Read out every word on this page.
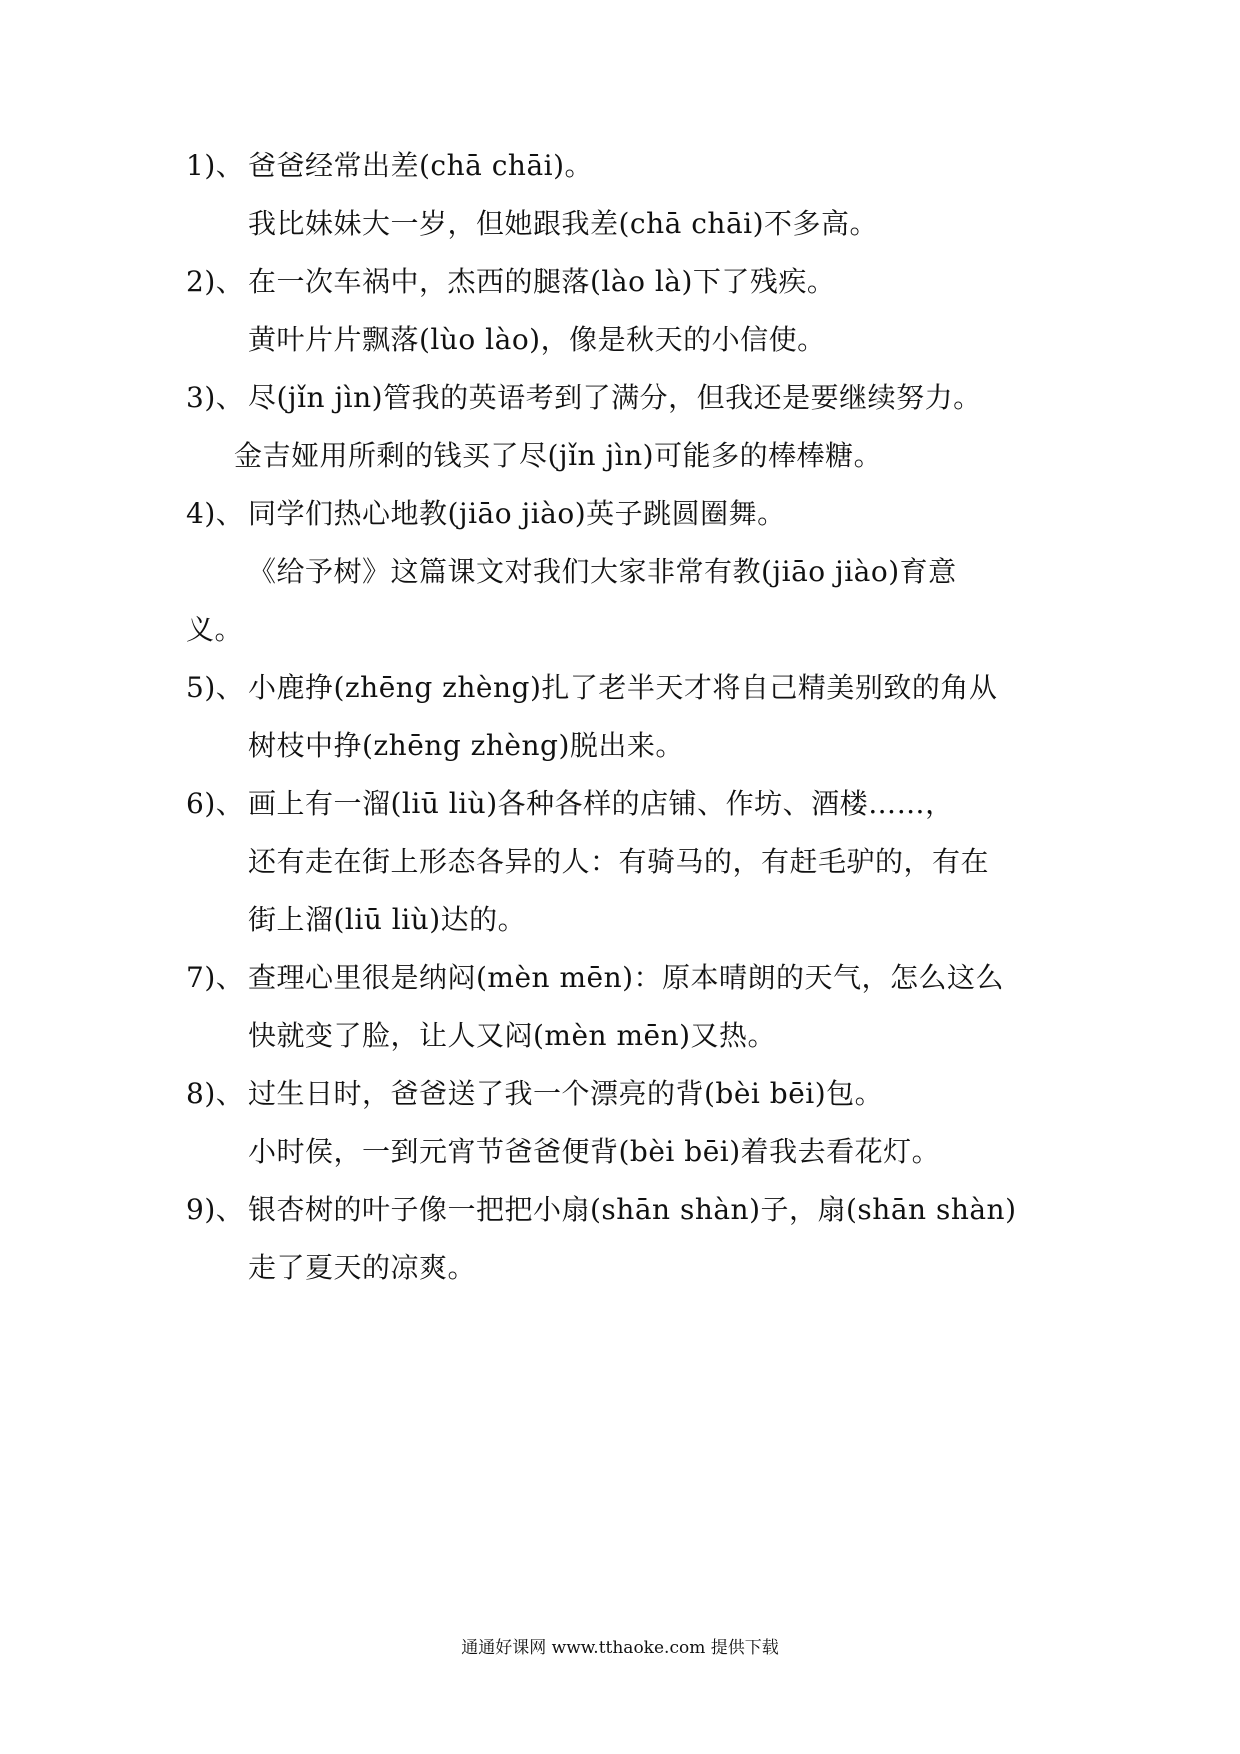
1)、 爸爸经常出差(chā chāi)。
我比妹妹大一岁，但她跟我差(chā chāi)不多高。
2)、 在一次车祸中，杰西的腿落(lào là)下了残疾。
黄叶片片飘落(lùo lào)，像是秋天的小信使。
3)、 尽(jǐn jìn)管我的英语考到了满分，但我还是要继续努力。
金吉娅用所剩的钱买了尽(jǐn jìn)可能多的棒棒糖。
4)、 同学们热心地教(jiāo jiào)英子跳圆圈舞。
《给予树》这篇课文对我们大家非常有教(jiāo jiào)育意
义。
5)、 小鹿挣(zhēng zhèng)扎了老半天才将自己精美别致的角从
树枝中挣(zhēng zhèng)脱出来。
6)、 画上有一溜(liū liù)各种各样的店铺、作坊、酒楼……，
还有走在街上形态各异的人：有骑马的，有赶毛驴的，有在
街上溜(liū liù)达的。
7)、 查理心里很是纳闷(mèn mēn)：原本晴朗的天气，怎么这么
快就变了脸，让人又闷(mèn mēn)又热。
8)、 过生日时，爸爸送了我一个漂亮的背(bèi bēi)包。
小时侯，一到元宵节爸爸便背(bèi bēi)着我去看花灯。
9)、 银杏树的叶子像一把把小扇(shān shàn)子，扇(shān shàn)
走了夏天的凉爽。
通通好课网 www.tthaoke.com 提供下载
